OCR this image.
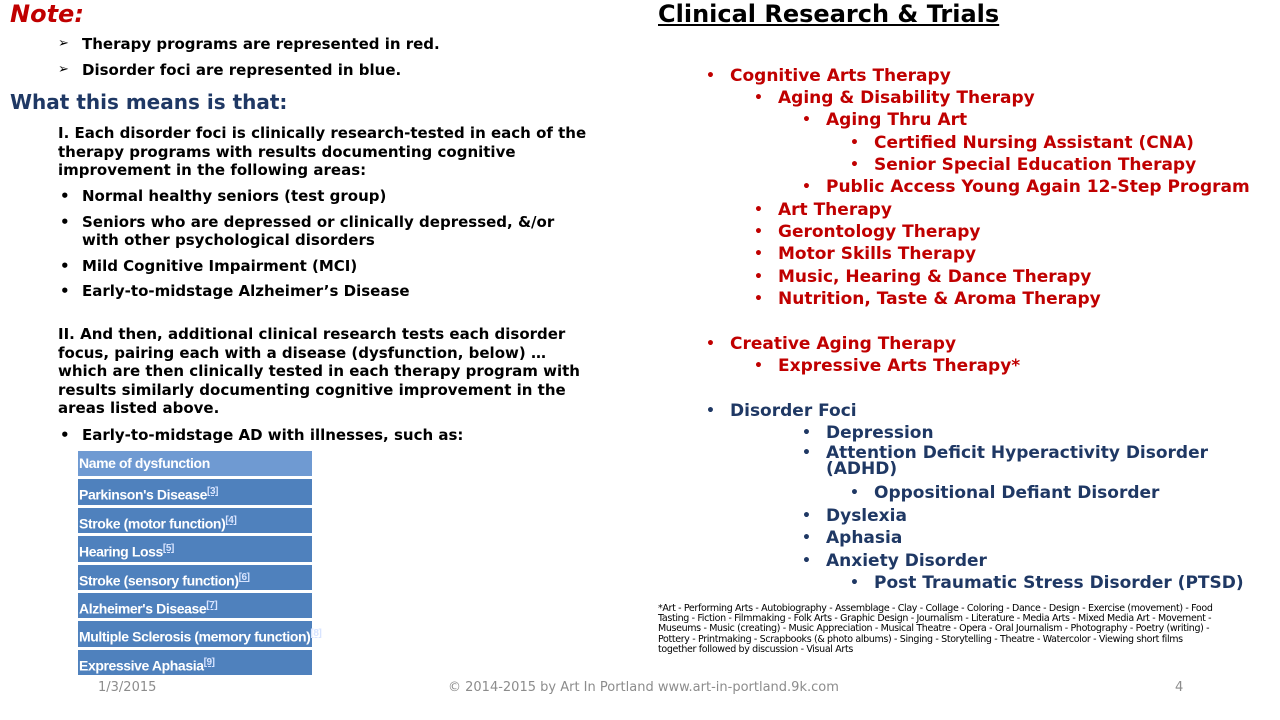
Note:
➢ Therapy programs are represented in red.
➢ Disorder foci are represented in blue.
What this means is that:
I. Each disorder foci is clinically research-tested in each of the therapy programs with results documenting cognitive improvement in the following areas:
• Normal healthy seniors (test group)
• Seniors who are depressed or clinically depressed, &/or with other psychological disorders
• Mild Cognitive Impairment (MCI)
• Early-to-midstage Alzheimer’s Disease
II. And then, additional clinical research tests each disorder focus, pairing each with a disease (dysfunction, below) …which are then clinically tested in each therapy program with results similarly documenting cognitive improvement in the areas listed above.
• Early-to-midstage AD with illnesses, such as:
Name of dysfunction
Parkinson's Disease[3]
Stroke (motor function)[4]
Hearing Loss[5]
Stroke (sensory function)[6]
Alzheimer's Disease[7]
Multiple Sclerosis (memory function)[8]
Expressive Aphasia[9]
Clinical Research & Trials
• Cognitive Arts Therapy
• Aging & Disability Therapy
• Aging Thru Art
• Certified Nursing Assistant (CNA)
• Senior Special Education Therapy
• Public Access Young Again 12-Step Program
• Art Therapy
• Gerontology Therapy
• Motor Skills Therapy
• Music, Hearing & Dance Therapy
• Nutrition, Taste & Aroma Therapy
• Creative Aging Therapy
• Expressive Arts Therapy*
• Disorder Foci
• Depression
• Attention Deficit Hyperactivity Disorder
(ADHD)
• Oppositional Defiant Disorder
• Dyslexia
• Aphasia
• Anxiety Disorder
• Post Traumatic Stress Disorder (PTSD)
*Art - Performing Arts - Autobiography - Assemblage - Clay - Collage - Coloring - Dance - Design - Exercise (movement) - Food Tasting - Fiction - Filmmaking - Folk Arts - Graphic Design - Journalism - Literature - Media Arts - Mixed Media Art - Movement - Museums - Music (creating) - Music Appreciation - Musical Theatre - Opera - Oral Journalism - Photography - Poetry (writing) - Pottery - Printmaking - Scrapbooks (& photo albums) - Singing - Storytelling - Theatre - Watercolor - Viewing short films together followed by discussion - Visual Arts
1/3/2015	© 2014-2015 by Art In Portland www.art-in-portland.9k.com	4
